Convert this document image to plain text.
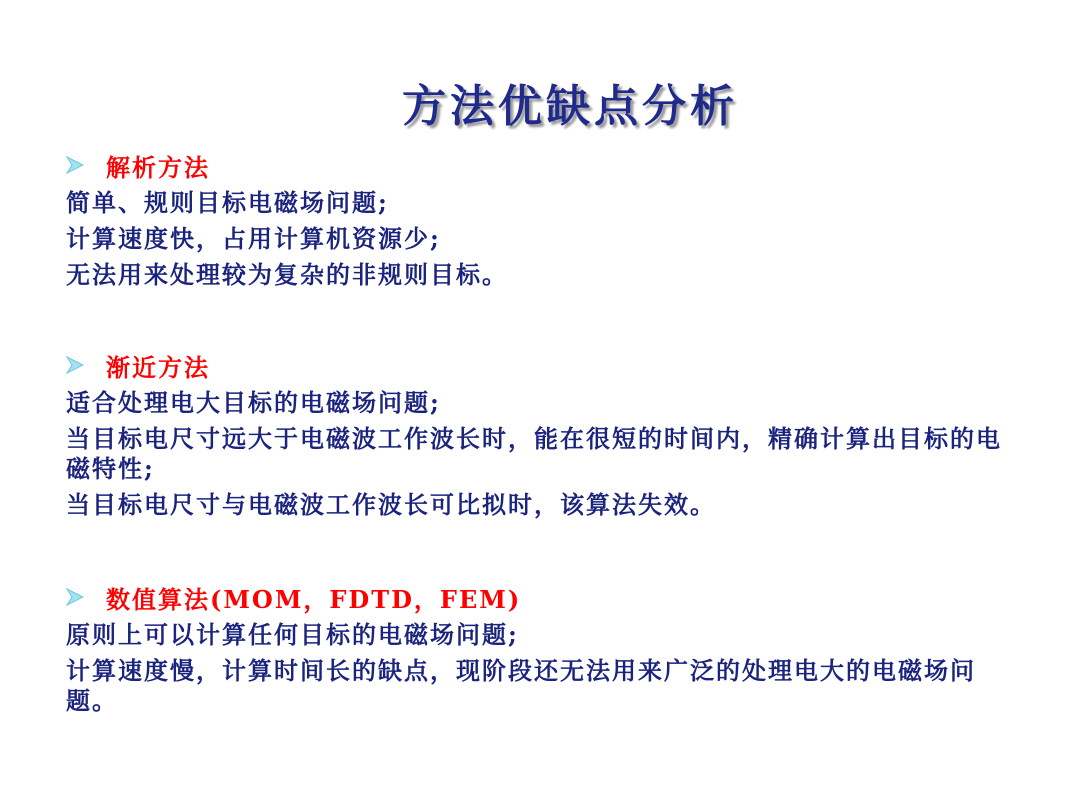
方法优缺点分析
解析方法
简单、规则目标电磁场问题;
计算速度快，占用计算机资源少;
无法用来处理较为复杂的非规则目标。
渐近方法
适合处理电大目标的电磁场问题;
当目标电尺寸远大于电磁波工作波长时，能在很短的时间内，精确计算出目标的电磁特性;
当目标电尺寸与电磁波工作波长可比拟时，该算法失效。
数值算法(MOM，FDTD，FEM)
原则上可以计算任何目标的电磁场问题;
计算速度慢，计算时间长的缺点，现阶段还无法用来广泛的处理电大的电磁场问题。
